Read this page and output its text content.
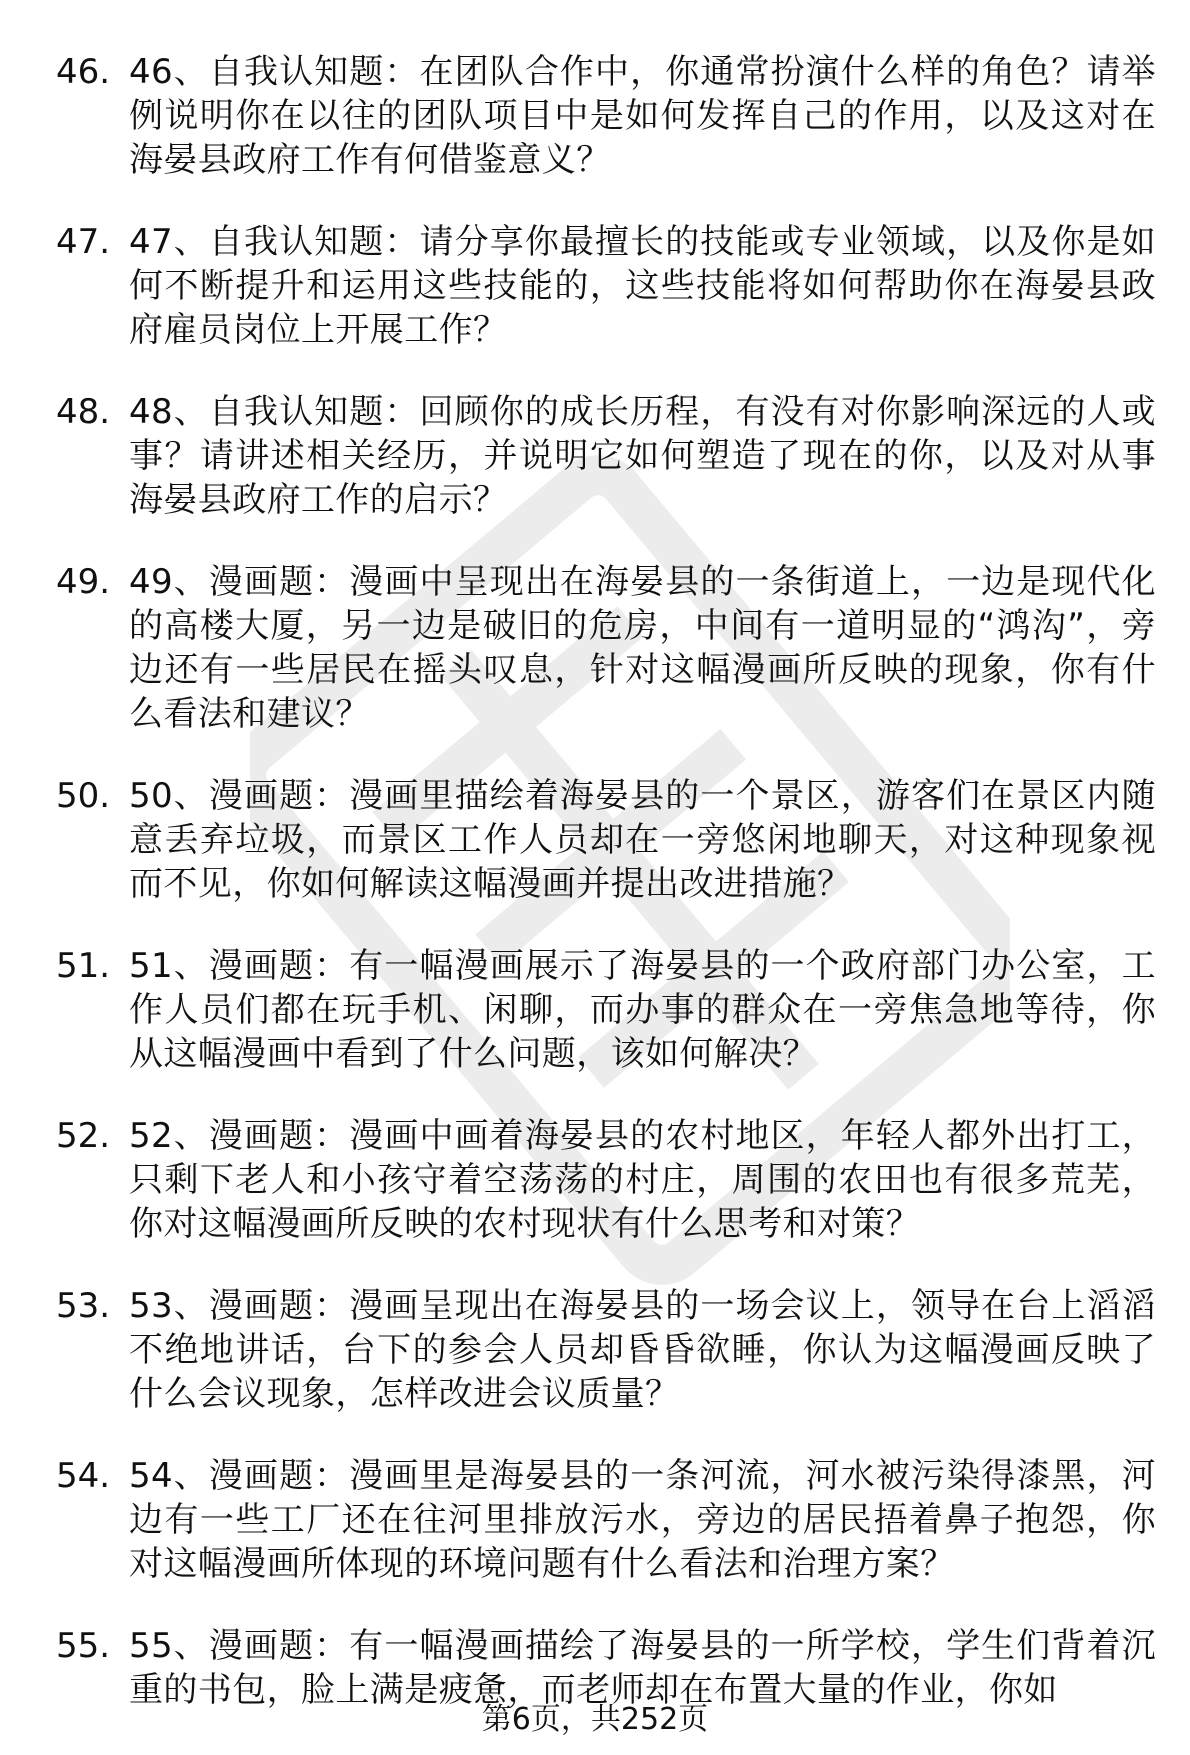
46. 46、自我认知题：在团队合作中，你通常扮演什么样的角色？请举例说明你在以往的团队项目中是如何发挥自己的作用，以及这对在海晏县政府工作有何借鉴意义？
47. 47、自我认知题：请分享你最擅长的技能或专业领域，以及你是如何不断提升和运用这些技能的，这些技能将如何帮助你在海晏县政府雇员岗位上开展工作？
48. 48、自我认知题：回顾你的成长历程，有没有对你影响深远的人或事？请讲述相关经历，并说明它如何塑造了现在的你，以及对从事海晏县政府工作的启示？
49. 49、漫画题：漫画中呈现出在海晏县的一条街道上，一边是现代化的高楼大厦，另一边是破旧的危房，中间有一道明显的“鸿沟”，旁边还有一些居民在摇头叹息，针对这幅漫画所反映的现象，你有什么看法和建议？
50. 50、漫画题：漫画里描绘着海晏县的一个景区，游客们在景区内随意丢弃垃圾，而景区工作人员却在一旁悠闲地聊天，对这种现象视而不见，你如何解读这幅漫画并提出改进措施？
51. 51、漫画题：有一幅漫画展示了海晏县的一个政府部门办公室，工作人员们都在玩手机、闲聊，而办事的群众在一旁焦急地等待，你从这幅漫画中看到了什么问题，该如何解决？
52. 52、漫画题：漫画中画着海晏县的农村地区，年轻人都外出打工，只剩下老人和小孩守着空荡荡的村庄，周围的农田也有很多荒芜，你对这幅漫画所反映的农村现状有什么思考和对策？
53. 53、漫画题：漫画呈现出在海晏县的一场会议上，领导在台上滔滔不绝地讲话，台下的参会人员却昏昏欲睡，你认为这幅漫画反映了什么会议现象，怎样改进会议质量？
54. 54、漫画题：漫画里是海晏县的一条河流，河水被污染得漆黑，河边有一些工厂还在往河里排放污水，旁边的居民捂着鼻子抱怨，你对这幅漫画所体现的环境问题有什么看法和治理方案？
55. 55、漫画题：有一幅漫画描绘了海晏县的一所学校，学生们背着沉重的书包，脸上满是疲惫，而老师却在布置大量的作业，你如
第6页，共252页
